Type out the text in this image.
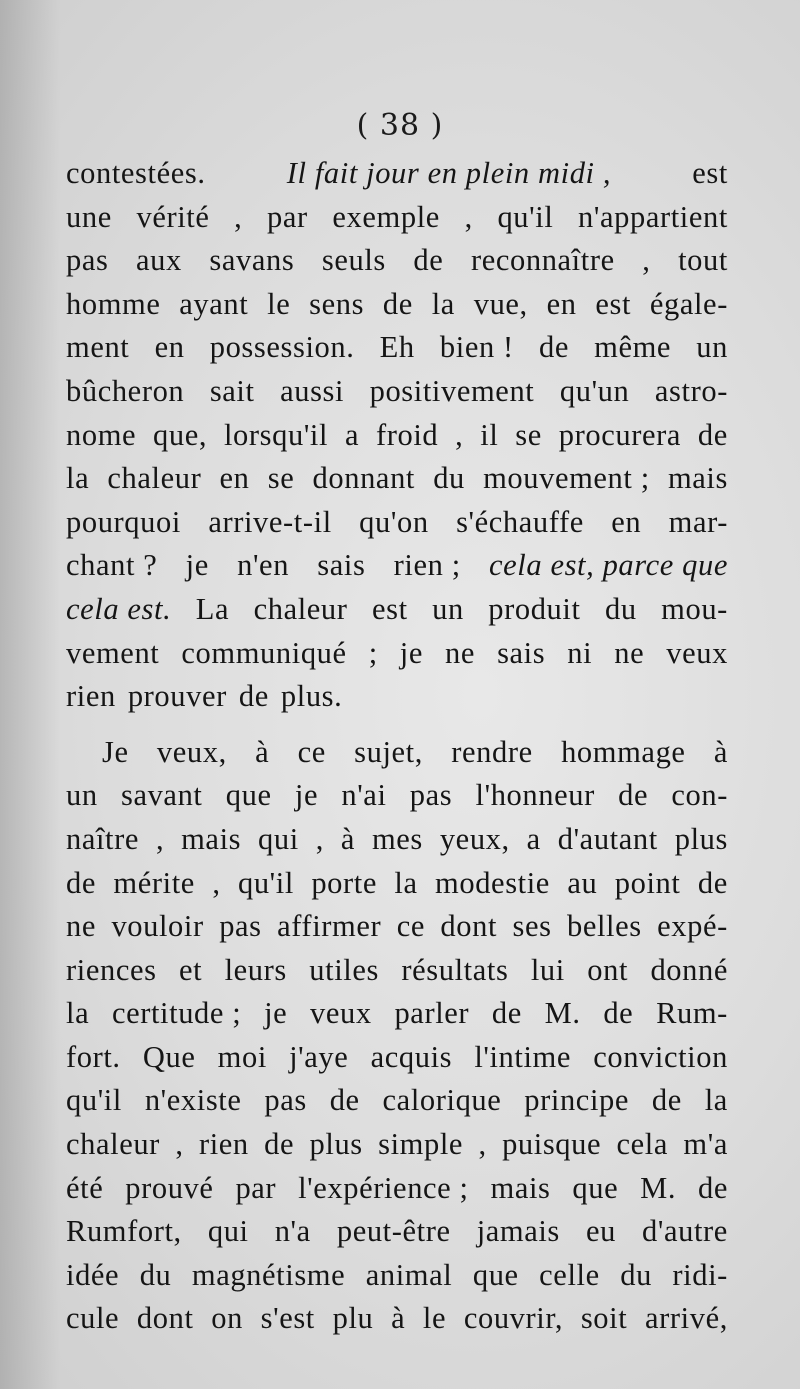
( 38 )
contestées.	Il fait jour en plein midi ,	est
une vérité , par exemple , qu'il n'appartient
pas aux savans seuls de reconnaître , tout
homme ayant le sens de la vue, en est égale-
ment en possession. Eh bien ! de même un
bûcheron sait aussi positivement qu'un astro-
nome que, lorsqu'il a froid , il se procurera de
la chaleur en se donnant du mouvement ; mais
pourquoi arrive-t-il qu'on s'échauffe en mar-
chant ? je n'en sais rien ; cela est, parce que
cela est. La chaleur est un produit du mou-
vement communiqué ; je ne sais ni ne veux
rien prouver de plus.
Je veux, à ce sujet, rendre hommage à
un savant que je n'ai pas l'honneur de con-
naître , mais qui , à mes yeux, a d'autant plus
de mérite , qu'il porte la modestie au point de
ne vouloir pas affirmer ce dont ses belles expé-
riences et leurs utiles résultats lui ont donné
la certitude ; je veux parler de M. de Rum-
fort. Que moi j'aye acquis l'intime conviction
qu'il n'existe pas de calorique principe de la
chaleur , rien de plus simple , puisque cela m'a
été prouvé par l'expérience ; mais que M. de
Rumfort, qui n'a peut-être jamais eu d'autre
idée du magnétisme animal que celle du ridi-
cule dont on s'est plu à le couvrir, soit arrivé,
